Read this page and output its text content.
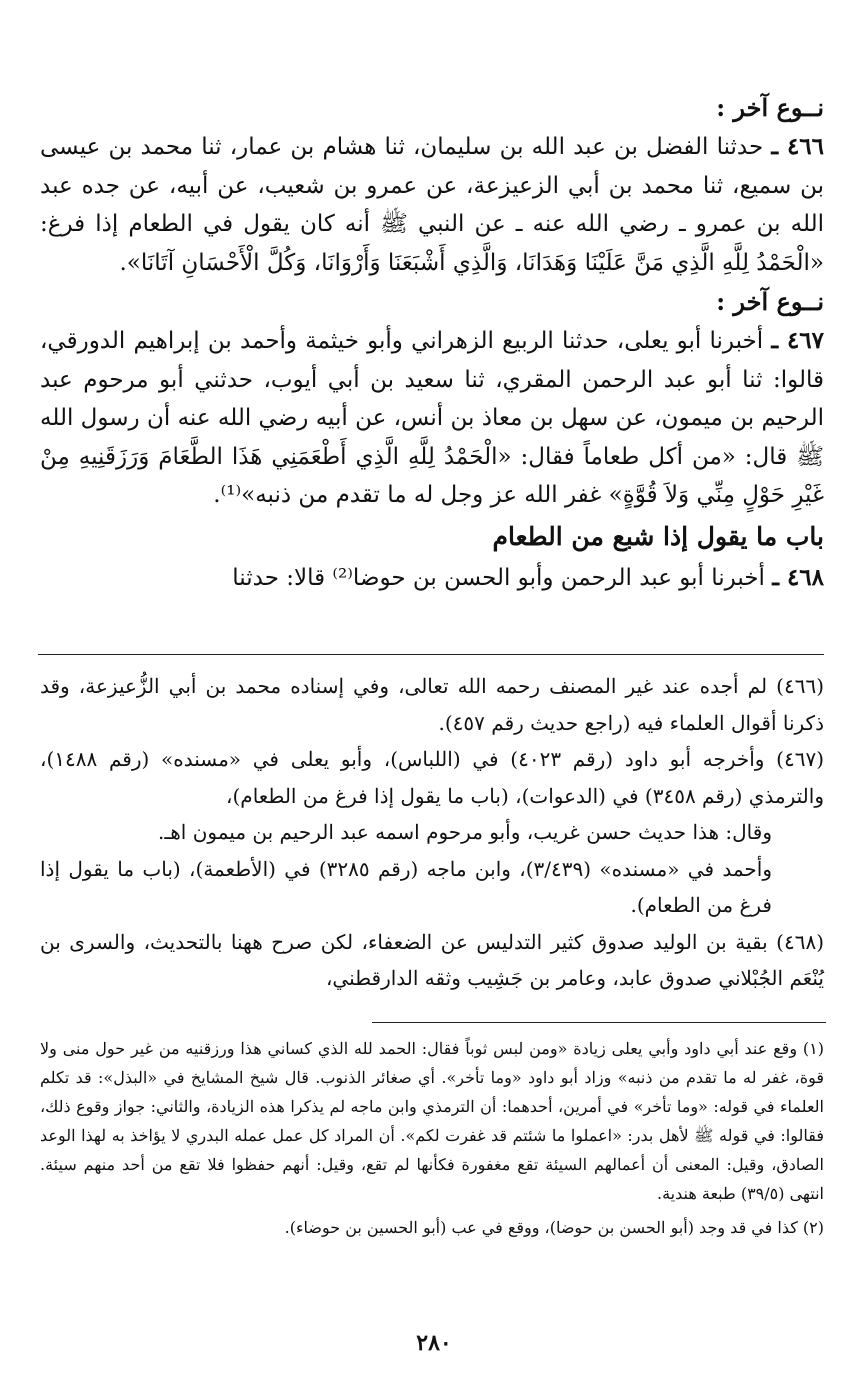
نــوع آخر :

٤٦٦ ـ حدثنا الفضل بن عبد الله بن سليمان، ثنا هشام بن عمار، ثنا محمد بن عيسى بن سميع، ثنا محمد بن أبي الزعيزعة، عن عمرو بن شعيب، عن أبيه، عن جده عبد الله بن عمرو ـ رضي الله عنه ـ عن النبي ﷺ أنه كان يقول في الطعام إذا فرغ: «الْحَمْدُ لِلَّهِ الَّذِي مَنَّ عَلَيْنَا وَهَدَانَا، وَالَّذِي أَشْبَعَنَا وَأَرْوَانَا، وَكُلَّ الْأَحْسَانِ آتَانَا».

نــوع آخر :

٤٦٧ ـ أخبرنا أبو يعلى، حدثنا الربيع الزهراني وأبو خيثمة وأحمد بن إبراهيم الدورقي، قالوا: ثنا أبو عبد الرحمن المقري، ثنا سعيد بن أبي أيوب، حدثني أبو مرحوم عبد الرحيم بن ميمون، عن سهل بن معاذ بن أنس، عن أبيه رضي الله عنه أن رسول الله ﷺ قال: «من أكل طعاماً فقال: «الْحَمْدُ لِلَّهِ الَّذِي أَطْعَمَنِي هَذَا الطَّعَامَ وَرَزَقَنِيهِ مِنْ غَيْرِ حَوْلٍ مِنِّي وَلاَ قُوَّةٍ» غفر الله عز وجل له ما تقدم من ذنبه»⁽¹⁾.

باب ما يقول إذا شبع من الطعام

٤٦٨ ـ أخبرنا أبو عبد الرحمن وأبو الحسن بن حوضا⁽²⁾ قالا: حدثنا

(٤٦٦) لم أجده عند غير المصنف رحمه الله تعالى، وفي إسناده محمد بن أبي الزُّعيزعة، وقد ذكرنا أقوال العلماء فيه (راجع حديث رقم ٤٥٧).

(٤٦٧) وأخرجه أبو داود (رقم ٤٠٢٣) في (اللباس)، وأبو يعلى في «مسنده» (رقم ١٤٨٨)، والترمذي (رقم ٣٤٥٨) في (الدعوات)، (باب ما يقول إذا فرغ من الطعام)،

وقال: هذا حديث حسن غريب، وأبو مرحوم اسمه عبد الرحيم بن ميمون اهـ.

وأحمد في «مسنده» (٣/٤٣٩)، وابن ماجه (رقم ٣٢٨٥) في (الأطعمة)، (باب ما يقول إذا فرغ من الطعام).

(٤٦٨) بقية بن الوليد صدوق كثير التدليس عن الضعفاء، لكن صرح ههنا بالتحديث، والسرى بن يُنْعَم الجُبْلاني صدوق عابد، وعامر بن جَشِيب وثقه الدارقطني،

(١) وقع عند أبي داود وأبي يعلى زيادة «ومن لبس ثوباً فقال: الحمد لله الذي كساني هذا ورزقنيه من غير حول منى ولا قوة، غفر له ما تقدم من ذنبه» وزاد أبو داود «وما تأخر». أي صغائر الذنوب. قال شيخ المشايخ في «البذل»: قد تكلم العلماء في قوله: «وما تأخر» في أمرين، أحدهما: أن الترمذي وابن ماجه لم يذكرا هذه الزيادة، والثاني: جواز وقوع ذلك، فقالوا: في قوله ﷺ لأهل بدر: «اعملوا ما شئتم قد غفرت لكم». أن المراد كل عمل عمله البدري لا يؤاخذ به لهذا الوعد الصادق، وقيل: المعنى أن أعمالهم السيئة تقع مغفورة فكأنها لم تقع، وقيل: أنهم حفظوا فلا تقع من أحد منهم سيئة. انتهى (٣٩/٥) طبعة هندية.

(٢) كذا في قد وجد (أبو الحسن بن حوضا)، ووقع في عب (أبو الحسين بن حوضاء).

٢٨٠
